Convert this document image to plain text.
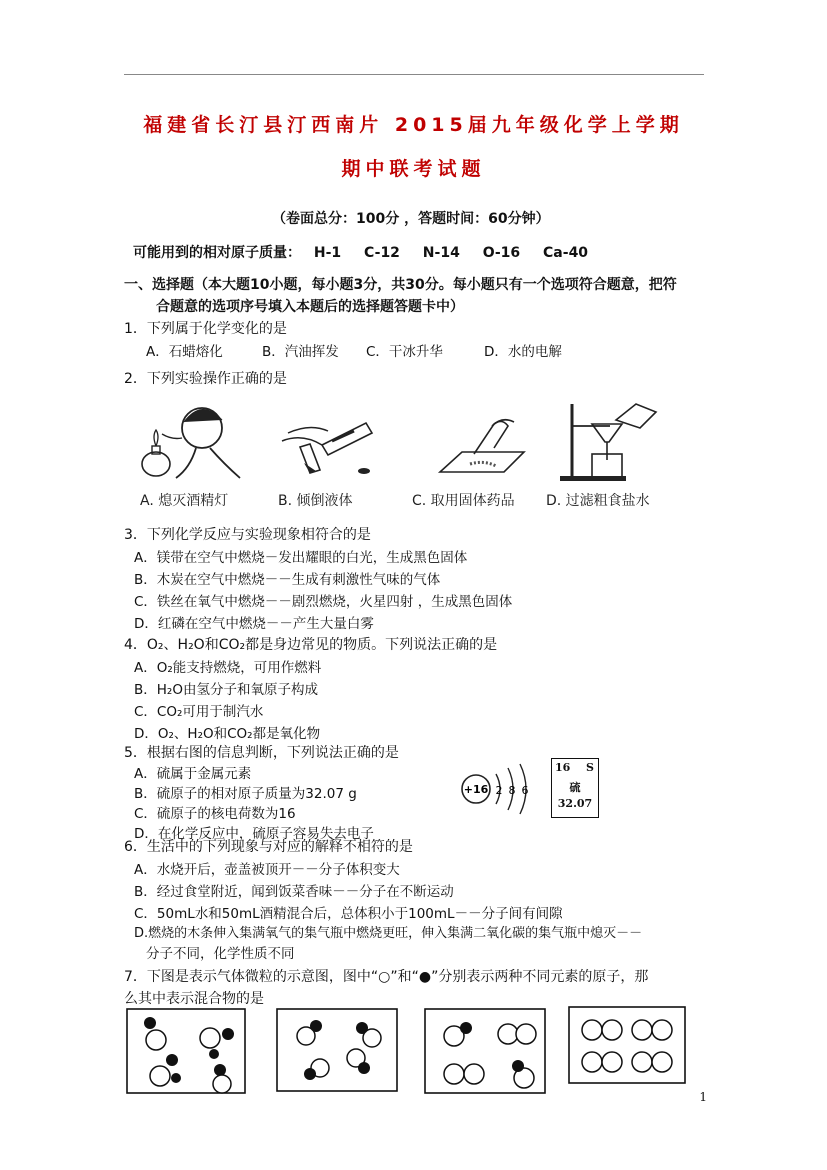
福建省长汀县汀西南片 2015届九年级化学上学期
期中联考试题
（卷面总分：100分 ，答题时间：60分钟）
可能用到的相对原子质量： H-1 C-12 N-14 O-16 Ca-40
一、选择题（本大题10小题，每小题3分，共30分。每小题只有一个选项符合题意，把符
合题意的选项序号填入本题后的选择题答题卡中）
1．下列属于化学变化的是
A．石蜡熔化	B．汽油挥发 C．干冰升华	D．水的电解
2．下列实验操作正确的是
A. 熄灭酒精灯	B. 倾倒液体	C. 取用固体药品 D. 过滤粗食盐水
3．下列化学反应与实验现象相符合的是
A．镁带在空气中燃烧－发出耀眼的白光，生成黑色固体
B．木炭在空气中燃烧－－生成有刺激性气味的气体
C．铁丝在氧气中燃烧－－剧烈燃烧，火星四射 ，生成黑色固体
D．红磷在空气中燃烧－－产生大量白雾
4．O₂、H₂O和CO₂都是身边常见的物质。下列说法正确的是
A．O₂能支持燃烧，可用作燃料
B．H₂O由氢分子和氧原子构成
C．CO₂可用于制汽水
D．O₂、H₂O和CO₂都是氧化物
5．根据右图的信息判断，下列说法正确的是
A．硫属于金属元素
B．硫原子的相对原子质量为32.07 g
C．硫原子的核电荷数为16
D．在化学反应中，硫原子容易失去电子
+16 2 8 6
16 S
硫
32.07
6．生活中的下列现象与对应的解释不相符的是
A．水烧开后，壶盖被顶开－－分子体积变大
B．经过食堂附近，闻到饭菜香味－－分子在不断运动
C．50mL水和50mL酒精混合后，总体积小于100mL－－分子间有间隙
D.燃烧的木条伸入集满氧气的集气瓶中燃烧更旺，伸入集满二氧化碳的集气瓶中熄灭－－
分子不同，化学性质不同
7．下图是表示气体微粒的示意图，图中“○”和“●”分别表示两种不同元素的原子，那
么其中表示混合物的是
1
